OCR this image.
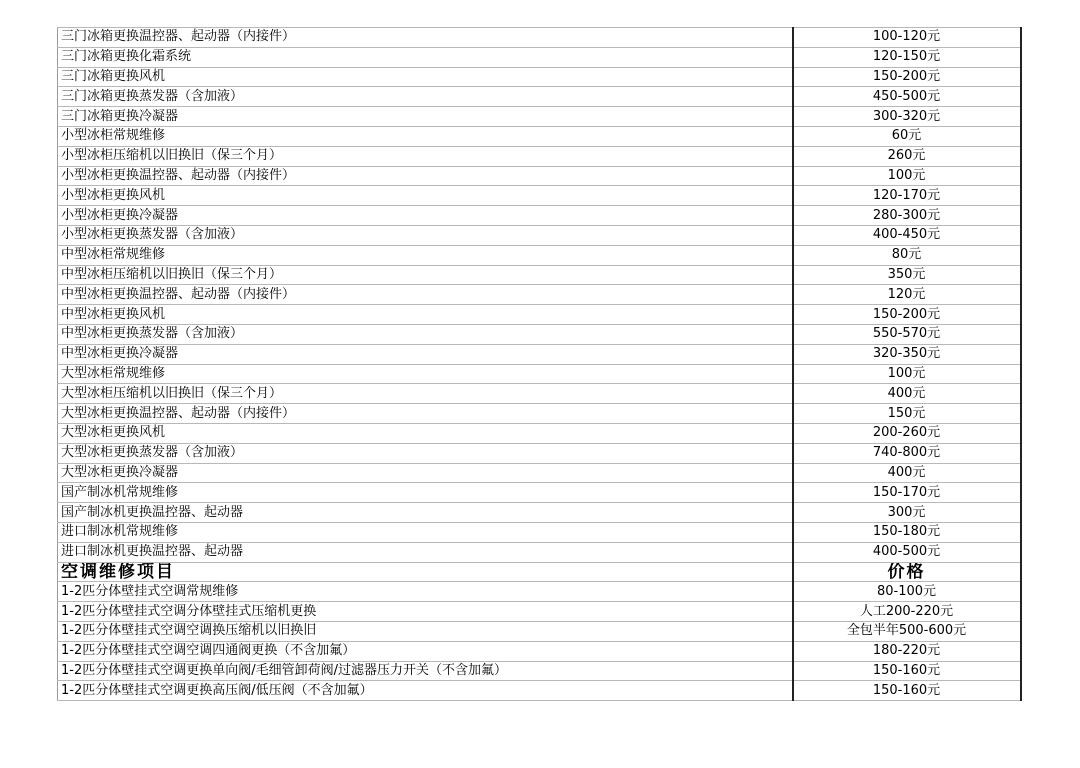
三门冰箱更换温控器、起动器（内接件）	100-120元
三门冰箱更换化霜系统	120-150元
三门冰箱更换风机	150-200元
三门冰箱更换蒸发器（含加液）	450-500元
三门冰箱更换冷凝器	300-320元
小型冰柜常规维修	60元
小型冰柜压缩机以旧换旧（保三个月）	260元
小型冰柜更换温控器、起动器（内接件）	100元
小型冰柜更换风机	120-170元
小型冰柜更换冷凝器	280-300元
小型冰柜更换蒸发器（含加液）	400-450元
中型冰柜常规维修	80元
中型冰柜压缩机以旧换旧（保三个月）	350元
中型冰柜更换温控器、起动器（内接件）	120元
中型冰柜更换风机	150-200元
中型冰柜更换蒸发器（含加液）	550-570元
中型冰柜更换冷凝器	320-350元
大型冰柜常规维修	100元
大型冰柜压缩机以旧换旧（保三个月）	400元
大型冰柜更换温控器、起动器（内接件）	150元
大型冰柜更换风机	200-260元
大型冰柜更换蒸发器（含加液）	740-800元
大型冰柜更换冷凝器	400元
国产制冰机常规维修	150-170元
国产制冰机更换温控器、起动器	300元
进口制冰机常规维修	150-180元
进口制冰机更换温控器、起动器	400-500元
空调维修项目	价格
1-2匹分体壁挂式空调常规维修	80-100元
1-2匹分体壁挂式空调分体壁挂式压缩机更换	人工200-220元
1-2匹分体壁挂式空调空调换压缩机以旧换旧	全包半年500-600元
1-2匹分体壁挂式空调空调四通阀更换（不含加氟）	180-220元
1-2匹分体壁挂式空调更换单向阀/毛细管卸荷阀/过滤器压力开关（不含加氟）	150-160元
1-2匹分体壁挂式空调更换高压阀/低压阀（不含加氟）	150-160元
